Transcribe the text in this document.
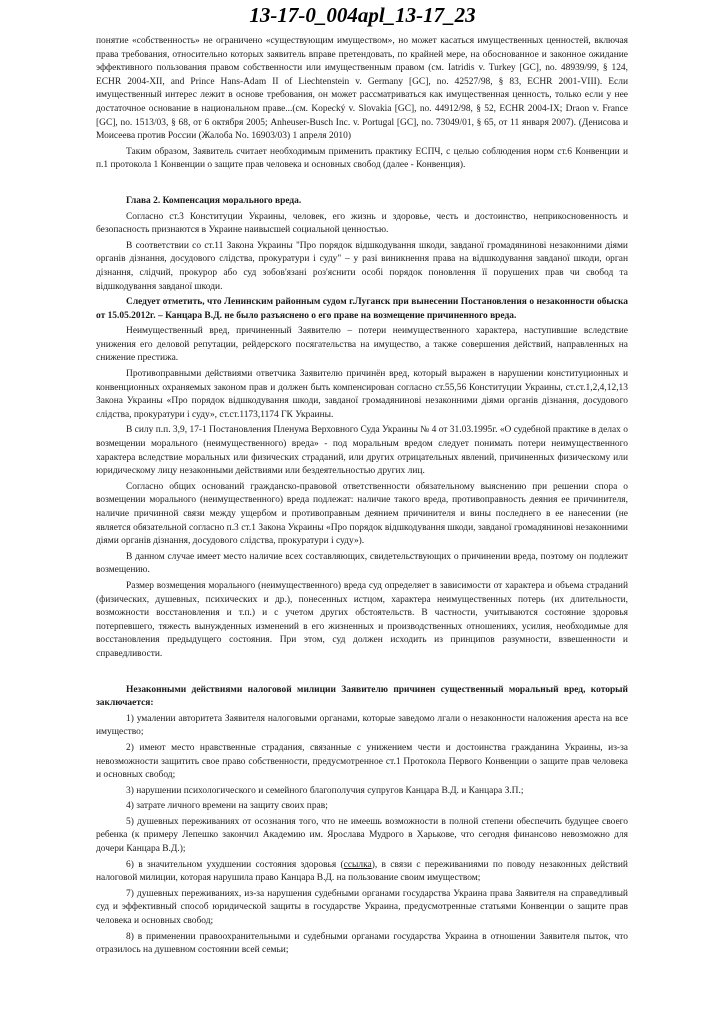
13-17-0_004apl_13-17_23

понятие «собственность» не ограничено «существующим имуществом», но может касаться имущественных ценностей, включая права требования, относительно которых заявитель вправе претендовать, по крайней мере, на обоснованное и законное ожидание эффективного пользования правом собственности или имущественным правом (см. Iatridis v. Turkey [GC], no. 48939/99, § 124, ECHR 2004-XII, and Prince Hans-Adam II of Liechtenstein v. Germany [GC], no. 42527/98, § 83, ECHR 2001-VIII). Если имущественный интерес лежит в основе требования, он может рассматриваться как имущественная ценность, только если у нее достаточное основание в национальном праве...(см. Kopecký v. Slovakia [GC], no. 44912/98, § 52, ECHR 2004-IX; Draon v. France [GC], no. 1513/03, § 68, от 6 октября 2005; Anheuser-Busch Inc. v. Portugal [GC], no. 73049/01, § 65, от 11 января 2007). (Денисова и Моисеева против России (Жалоба No. 16903/03) 1 апреля 2010)

Таким образом, Заявитель считает необходимым применить практику ЕСПЧ, с целью соблюдения норм ст.6 Конвенции и п.1 протокола 1 Конвенции о защите прав человека и основных свобод (далее - Конвенция).

Глава 2. Компенсация морального вреда.

Согласно ст.3 Конституции Украины, человек, его жизнь и здоровье, честь и достоинство, неприкосновенность и безопасность признаются в Украине наивысшей социальной ценностью.

В соответствии со ст.11 Закона Украины "Про порядок відшкодування шкоди, завданої громадянинові незаконними діями органів дізнання, досудового слідства, прокуратури і суду" – у разі виникнення права на відшкодування завданої шкоди, орган дізнання, слідчий, прокурор або суд зобов'язані роз'яснити особі порядок поновлення її порушених прав чи свобод та відшкодування завданої шкоди.

Следует отметить, что Ленинским районным судом г.Луганск при вынесении Постановления о незаконности обыска от 15.05.2012г. – Канцара В.Д. не было разъяснено о его праве на возмещение причиненного вреда.

Неимущественный вред, причиненный Заявителю – потери неимущественного характера, наступившие вследствие унижения его деловой репутации, рейдерского посягательства на имущество, а также совершения действий, направленных на снижение престижа.

Противоправными действиями ответчика Заявителю причинён вред, который выражен в нарушении конституционных и конвенционных охраняемых законом прав и должен быть компенсирован согласно ст.55,56 Конституции Украины, ст.ст.1,2,4,12,13 Закона Украины «Про порядок відшкодування шкоди, завданої громадянинові незаконними діями органів дізнання, досудового слідства, прокуратури і суду», ст.ст.1173,1174 ГК Украины.

В силу п.п. 3,9, 17-1 Постановления Пленума Верховного Суда Украины № 4 от 31.03.1995г. «О судебной практике в делах о возмещении морального (неимущественного) вреда» - под моральным вредом следует понимать потери неимущественного характера вследствие моральных или физических страданий, или других отрицательных явлений, причиненных физическому или юридическому лицу незаконными действиями или бездеятельностью других лиц.

Согласно общих оснований гражданско-правовой ответственности обязательному выяснению при решении спора о возмещении морального (неимущественного) вреда подлежат: наличие такого вреда, противоправность деяния ее причинителя, наличие причинной связи между ущербом и противоправным деянием причинителя и вины последнего в ее нанесении (не является обязательной согласно п.3 ст.1 Закона Украины «Про порядок відшкодування шкоди, завданої громадянинові незаконними діями органів дізнання, досудового слідства, прокуратури і суду»).

В данном случае имеет место наличие всех составляющих, свидетельствующих о причинении вреда, поэтому он подлежит возмещению.

Размер возмещения морального (неимущественного) вреда суд определяет в зависимости от характера и объема страданий (физических, душевных, психических и др.), понесенных истцом, характера неимущественных потерь (их длительности, возможности восстановления и т.п.) и с учетом других обстоятельств. В частности, учитываются состояние здоровья потерпевшего, тяжесть вынужденных изменений в его жизненных и производственных отношениях, усилия, необходимые для восстановления предыдущего состояния. При этом, суд должен исходить из принципов разумности, взвешенности и справедливости.

Незаконными действиями налоговой милиции Заявителю причинен существенный моральный вред, который заключается:

1) умалении авторитета Заявителя налоговыми органами, которые заведомо лгали о незаконности наложения ареста на все имущество;

2) имеют место нравственные страдания, связанные с унижением чести и достоинства гражданина Украины, из-за невозможности защитить свое право собственности, предусмотренное ст.1 Протокола Первого Конвенции о защите прав человека и основных свобод;

3) нарушении психологического и семейного благополучия супругов Канцара В.Д. и Канцара З.П.;

4) затрате личного времени на защиту своих прав;

5) душевных переживаниях от осознания того, что не имеешь возможности в полной степени обеспечить будущее своего ребенка (к примеру Лепешко закончил Академию им. Ярослава Мудрого в Харькове, что сегодня финансово невозможно для дочери Канцара В.Д.);

6) в значительном ухудшении состояния здоровья (ссылка), в связи с переживаниями по поводу незаконных действий налоговой милиции, которая нарушила право Канцара В.Д. на пользование своим имуществом;

7) душевных переживаниях, из-за нарушения судебными органами государства Украина права Заявителя на справедливый суд и эффективный способ юридической защиты в государстве Украина, предусмотренные статьями Конвенции о защите прав человека и основных свобод;

8) в применении правоохранительными и судебными органами государства Украина в отношении Заявителя пыток, что отразилось на душевном состоянии всей семьи;
